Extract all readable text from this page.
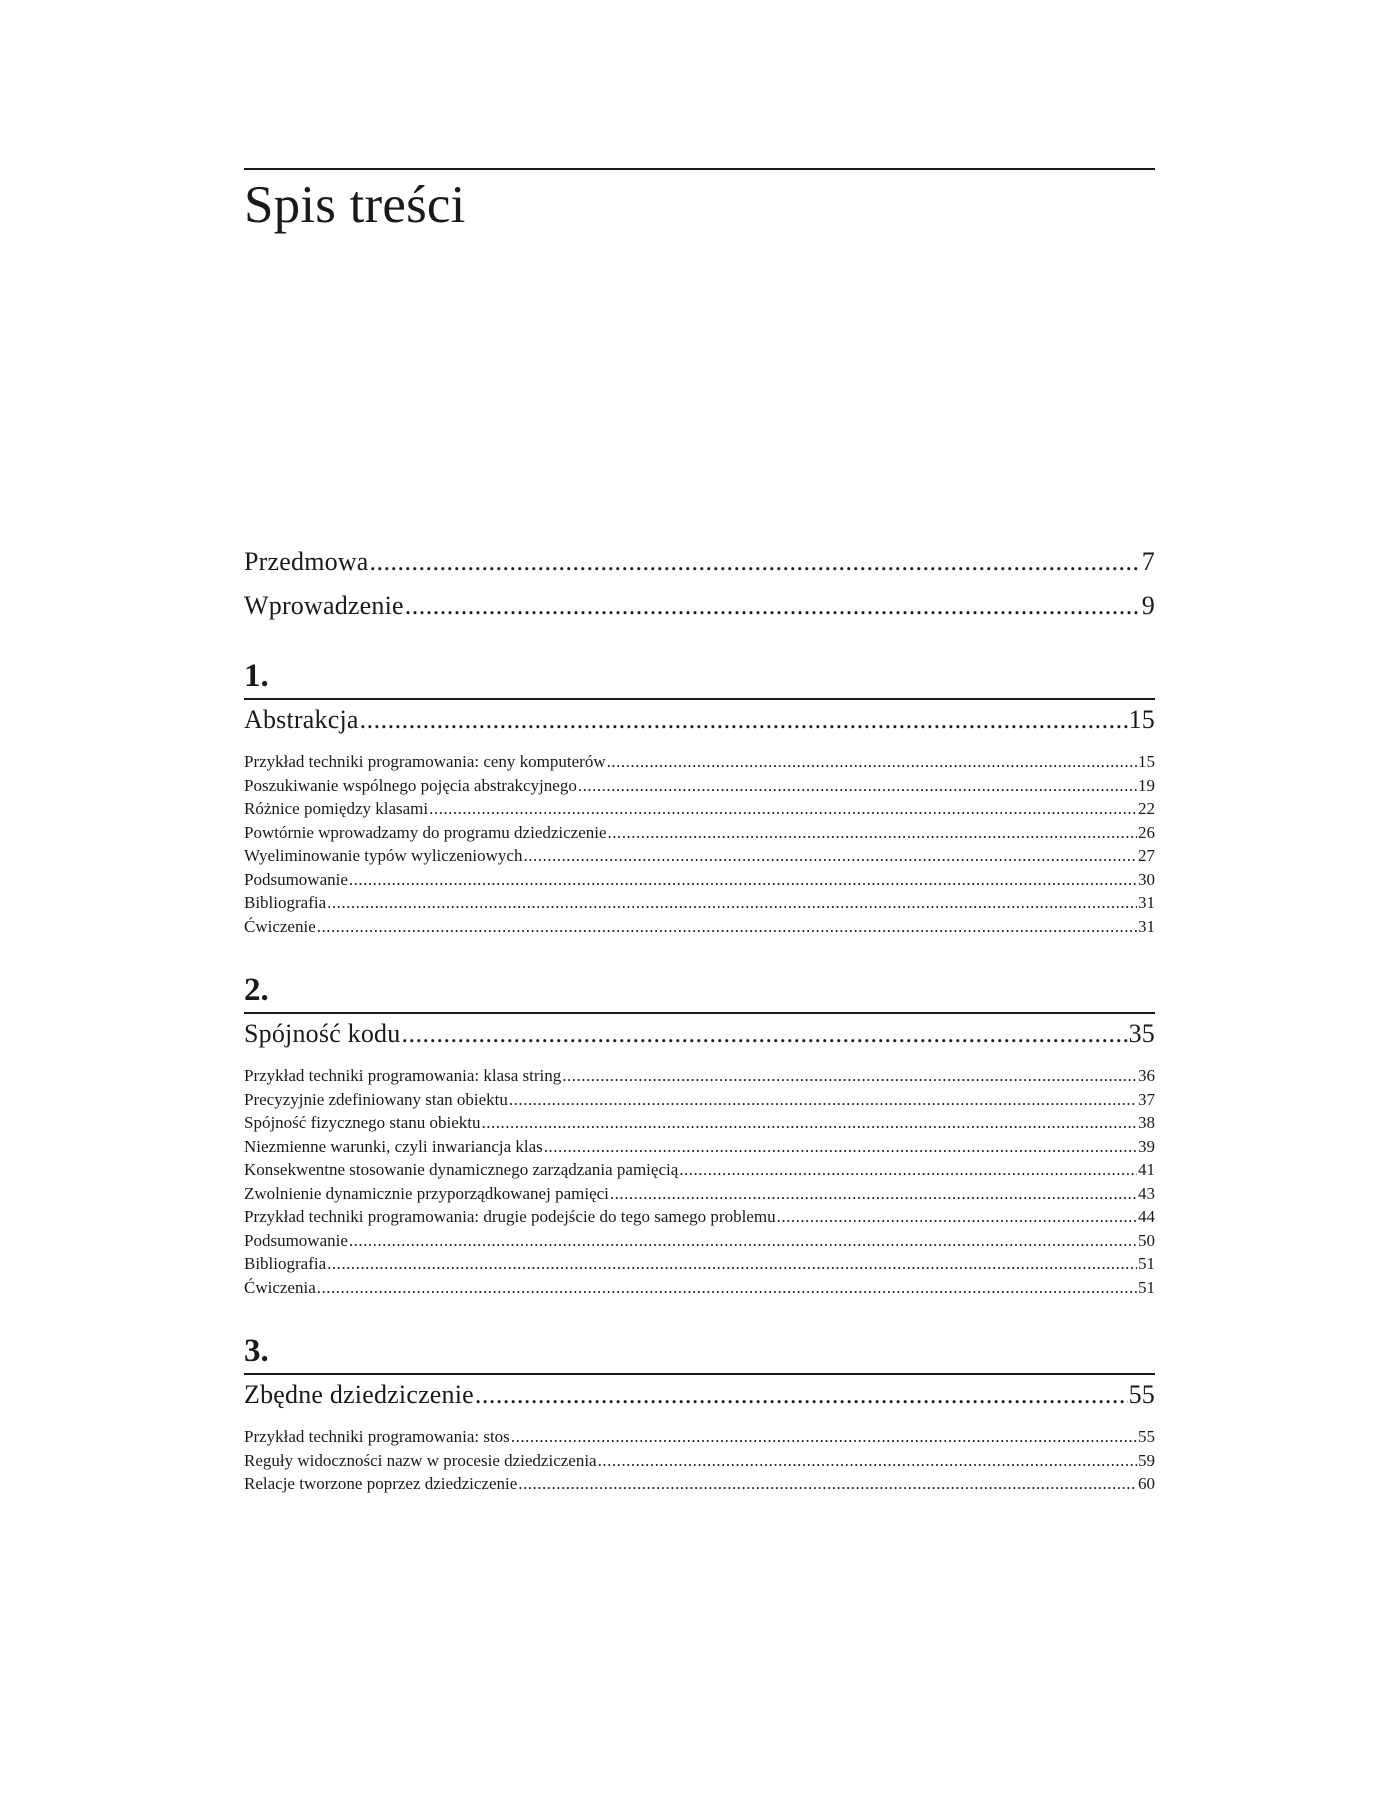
Spis treści
Przedmowa .....	7
Wprowadzenie .....	9
1.
Abstrakcja .....	15
Przykład techniki programowania: ceny komputerów .....	15
Poszukiwanie wspólnego pojęcia abstrakcyjnego .....	19
Różnice pomiędzy klasami .....	22
Powtórnie wprowadzamy do programu dziedziczenie .....	26
Wyeliminowanie typów wyliczeniowych .....	27
Podsumowanie .....	30
Bibliografia .....	31
Ćwiczenie .....	31
2.
Spójność kodu .....	35
Przykład techniki programowania: klasa string .....	36
Precyzyjnie zdefiniowany stan obiektu .....	37
Spójność fizycznego stanu obiektu .....	38
Niezmienne warunki, czyli inwariancja klas .....	39
Konsekwentne stosowanie dynamicznego zarządzania pamięcią .....	41
Zwolnienie dynamicznie przyporządkowanej pamięci .....	43
Przykład techniki programowania: drugie podejście do tego samego problemu .....	44
Podsumowanie .....	50
Bibliografia .....	51
Ćwiczenia .....	51
3.
Zbędne dziedziczenie .....	55
Przykład techniki programowania: stos .....	55
Reguły widoczności nazw w procesie dziedziczenia .....	59
Relacje tworzone poprzez dziedziczenie .....	60
